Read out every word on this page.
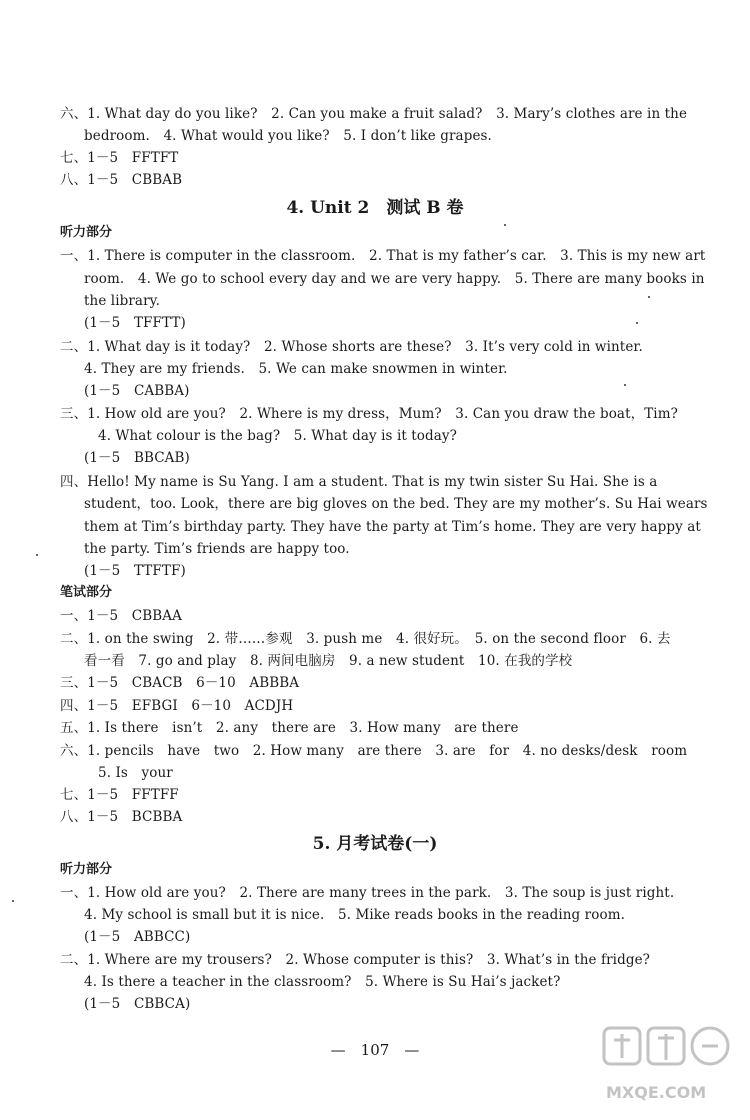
六、1. What day do you like?　2. Can you make a fruit salad?　3. Mary’s clothes are in the
bedroom.　4. What would you like?　5. I don’t like grapes.
七、1－5　FFTFT
八、1－5　CBBAB
4. Unit 2　测试 B 卷
听力部分
一、1. There is computer in the classroom.　2. That is my father’s car.　3. This is my new art
room.　4. We go to school every day and we are very happy.　5. There are many books in
the library.
(1－5　TFFTT)
二、1. What day is it today?　2. Whose shorts are these?　3. It’s very cold in winter.
4. They are my friends.　5. We can make snowmen in winter.
(1－5　CABBA)
三、1. How old are you?　2. Where is my dress，Mum?　3. Can you draw the boat，Tim?
4. What colour is the bag?　5. What day is it today?
(1－5　BBCAB)
四、Hello! My name is Su Yang. I am a student. That is my twin sister Su Hai. She is a
student，too. Look，there are big gloves on the bed. They are my mother’s. Su Hai wears
them at Tim’s birthday party. They have the party at Tim’s home. They are very happy at
the party. Tim’s friends are happy too.
(1－5　TTFTF)
笔试部分
一、1－5　CBBAA
二、1. on the swing　2. 带……参观　3. push me　4. 很好玩。　5. on the second floor　6. 去
看一看　7. go and play　8. 两间电脑房　9. a new student　10. 在我的学校
三、1－5　CBACB　6－10　ABBBA
四、1－5　EFBGI　6－10　ACDJH
五、1. Is there　isn’t　2. any　there are　3. How many　are there
六、1. pencils　have　two　2. How many　are there　3. are　for　4. no desks/desk　room
5. Is　your
七、1－5　FFTFF
八、1－5　BCBBA
5. 月考试卷(一)
听力部分
一、1. How old are you?　2. There are many trees in the park.　3. The soup is just right.
4. My school is small but it is nice.　5. Mike reads books in the reading room.
(1－5　ABBCC)
二、1. Where are my trousers?　2. Whose computer is this?　3. What’s in the fridge?
4. Is there a teacher in the classroom?　5. Where is Su Hai’s jacket?
(1－5　CBBCA)
—　107　—
MXQE.COM
